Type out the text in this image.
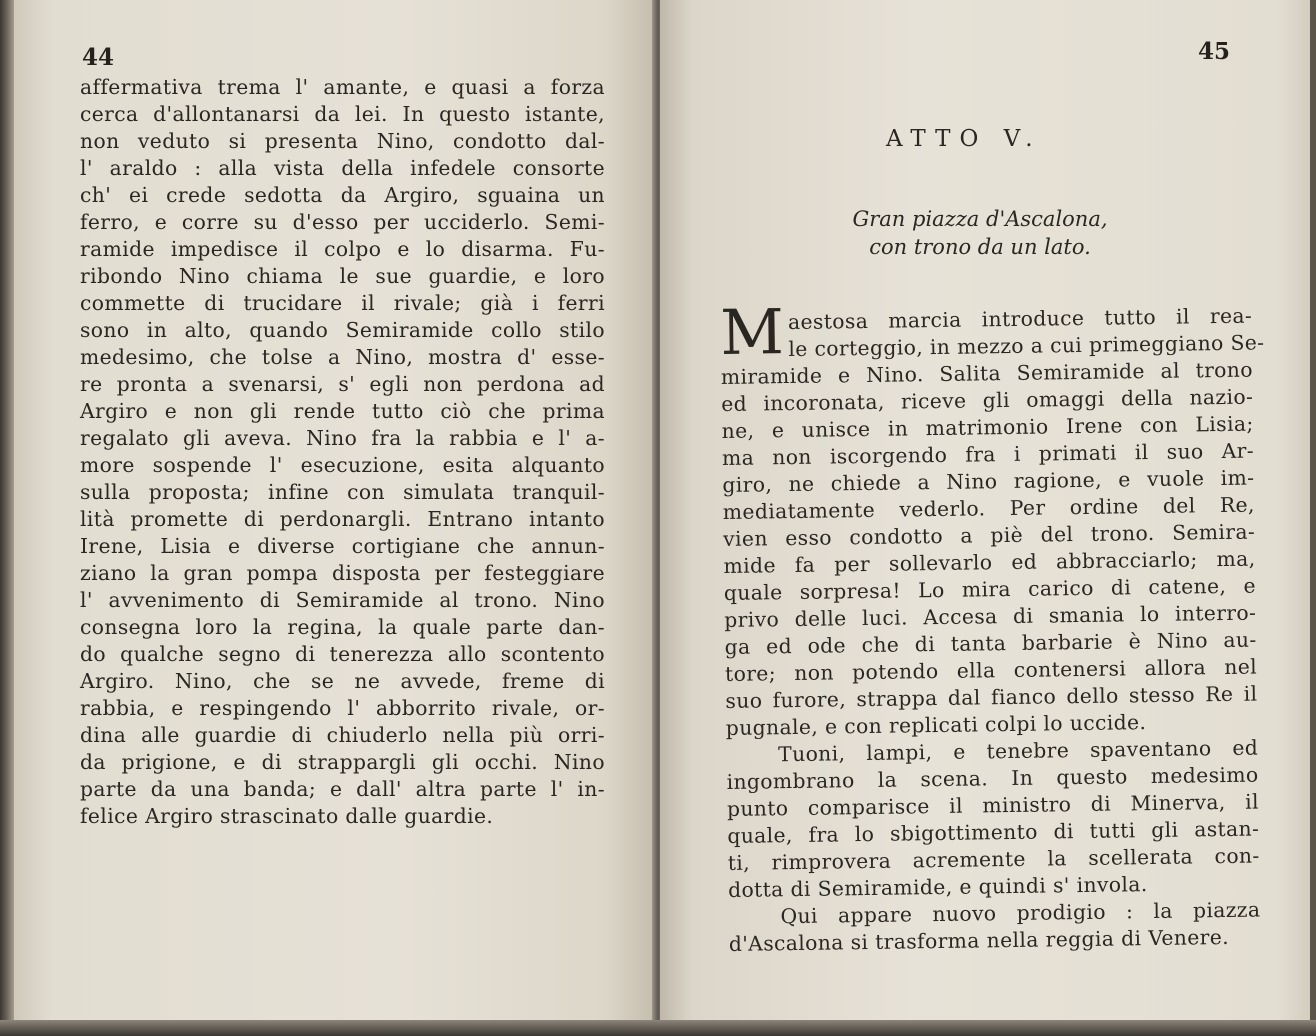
44
affermativa trema l' amante, e quasi a forza
cerca d'allontanarsi da lei. In questo istante,
non veduto si presenta Nino, condotto dal-
l' araldo : alla vista della infedele consorte
ch' ei crede sedotta da Argiro, sguaina un
ferro, e corre su d'esso per ucciderlo. Semi-
ramide impedisce il colpo e lo disarma. Fu-
ribondo Nino chiama le sue guardie, e loro
commette di trucidare il rivale; già i ferri
sono in alto, quando Semiramide collo stilo
medesimo, che tolse a Nino, mostra d' esse-
re pronta a svenarsi, s' egli non perdona ad
Argiro e non gli rende tutto ciò che prima
regalato gli aveva. Nino fra la rabbia e l' a-
more sospende l' esecuzione, esita alquanto
sulla proposta; infine con simulata tranquil-
lità promette di perdonargli. Entrano intanto
Irene, Lisia e diverse cortigiane che annun-
ziano la gran pompa disposta per festeggiare
l' avvenimento di Semiramide al trono. Nino
consegna loro la regina, la quale parte dan-
do qualche segno di tenerezza allo scontento
Argiro. Nino, che se ne avvede, freme di
rabbia, e respingendo l' abborrito rivale, or-
dina alle guardie di chiuderlo nella più orri-
da prigione, e di strappargli gli occhi. Nino
parte da una banda; e dall' altra parte l' in-
felice Argiro strascinato dalle guardie.
45
ATTO V.
Gran piazza d'Ascalona,
con trono da un lato.
M aestosa marcia introduce tutto il rea-
le corteggio, in mezzo a cui primeggiano Se-
miramide e Nino. Salita Semiramide al trono
ed incoronata, riceve gli omaggi della nazio-
ne, e unisce in matrimonio Irene con Lisia;
ma non iscorgendo fra i primati il suo Ar-
giro, ne chiede a Nino ragione, e vuole im-
mediatamente vederlo. Per ordine del Re,
vien esso condotto a piè del trono. Semira-
mide fa per sollevarlo ed abbracciarlo; ma,
quale sorpresa! Lo mira carico di catene, e
privo delle luci. Accesa di smania lo interro-
ga ed ode che di tanta barbarie è Nino au-
tore; non potendo ella contenersi allora nel
suo furore, strappa dal fianco dello stesso Re il
pugnale, e con replicati colpi lo uccide.
Tuoni, lampi, e tenebre spaventano ed
ingombrano la scena. In questo medesimo
punto comparisce il ministro di Minerva, il
quale, fra lo sbigottimento di tutti gli astan-
ti, rimprovera acremente la scellerata con-
dotta di Semiramide, e quindi s' invola.
Qui appare nuovo prodigio : la piazza
d'Ascalona si trasforma nella reggia di Venere.
